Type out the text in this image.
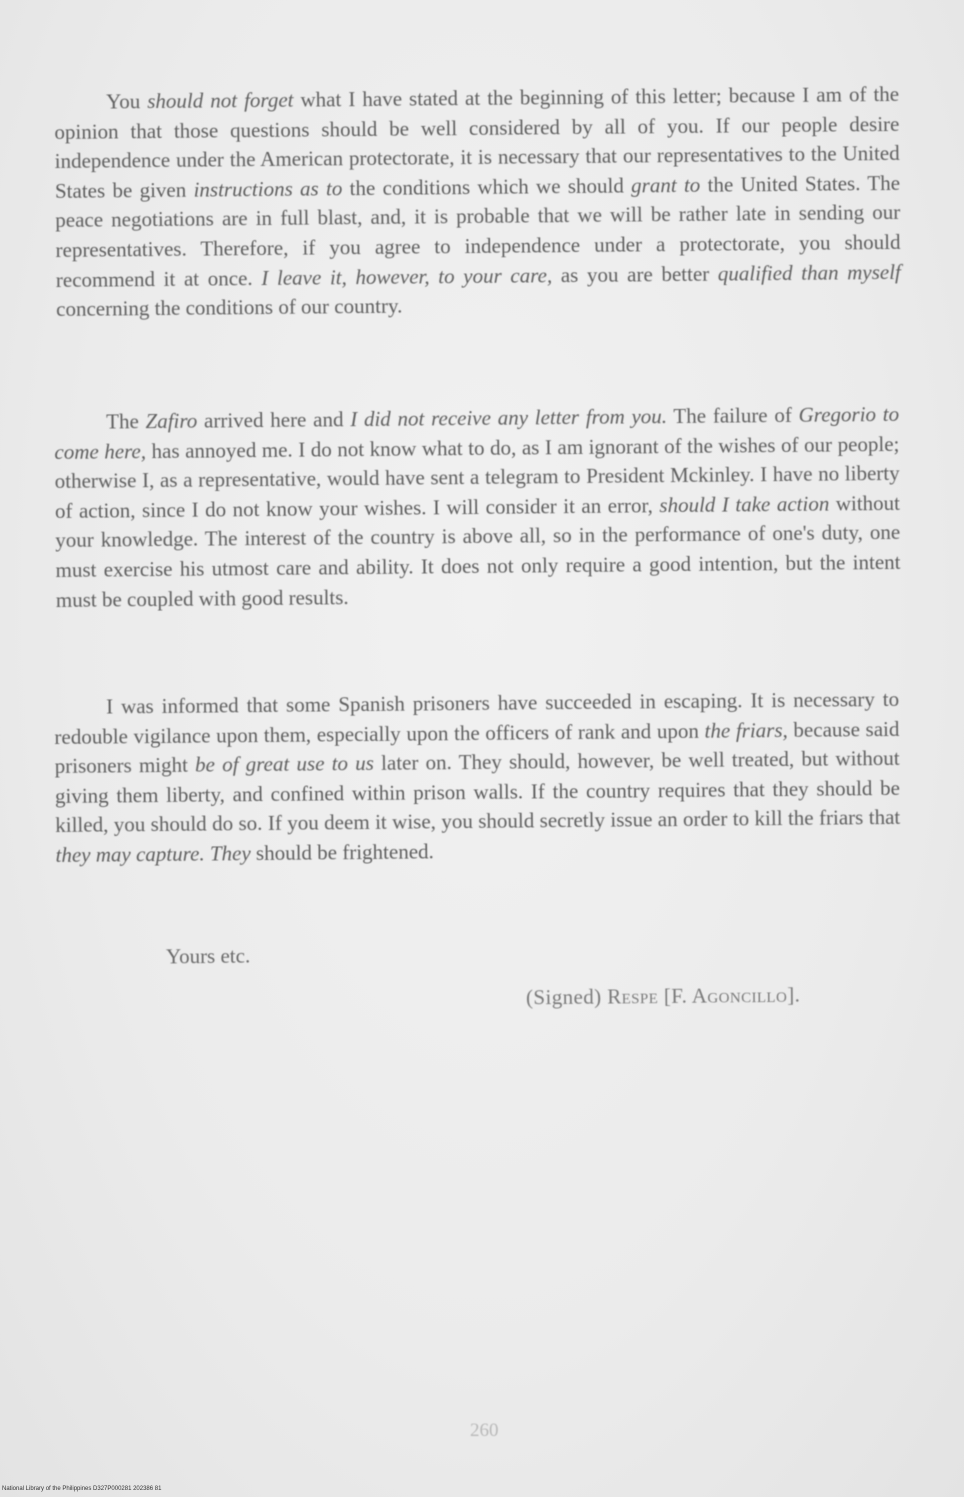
You should not forget what I have stated at the beginning of this letter; because I am of the opinion that those questions should be well considered by all of you. If our people desire independence under the American protectorate, it is necessary that our representatives to the United States be given instructions as to the conditions which we should grant to the United States. The peace negotiations are in full blast, and, it is probable that we will be rather late in sending our representatives. Therefore, if you agree to independence under a protectorate, you should recommend it at once. I leave it, however, to your care, as you are better qualified than myself concerning the conditions of our country.

The Zafiro arrived here and I did not receive any letter from you. The failure of Gregorio to come here, has annoyed me. I do not know what to do, as I am ignorant of the wishes of our people; otherwise I, as a representative, would have sent a telegram to President Mckinley. I have no liberty of action, since I do not know your wishes. I will consider it an error, should I take action without your knowledge. The interest of the country is above all, so in the performance of one's duty, one must exercise his utmost care and ability. It does not only require a good intention, but the intent must be coupled with good results.

I was informed that some Spanish prisoners have succeeded in escaping. It is necessary to redouble vigilance upon them, especially upon the officers of rank and upon the friars, because said prisoners might be of great use to us later on. They should, however, be well treated, but without giving them liberty, and confined within prison walls. If the country requires that they should be killed, you should do so. If you deem it wise, you should secretly issue an order to kill the friars that they may capture. They should be frightened.

Yours etc.
(Signed) Respe [F. Agoncillo].
260
National Library of the Philippines D327P000281 202386 81
